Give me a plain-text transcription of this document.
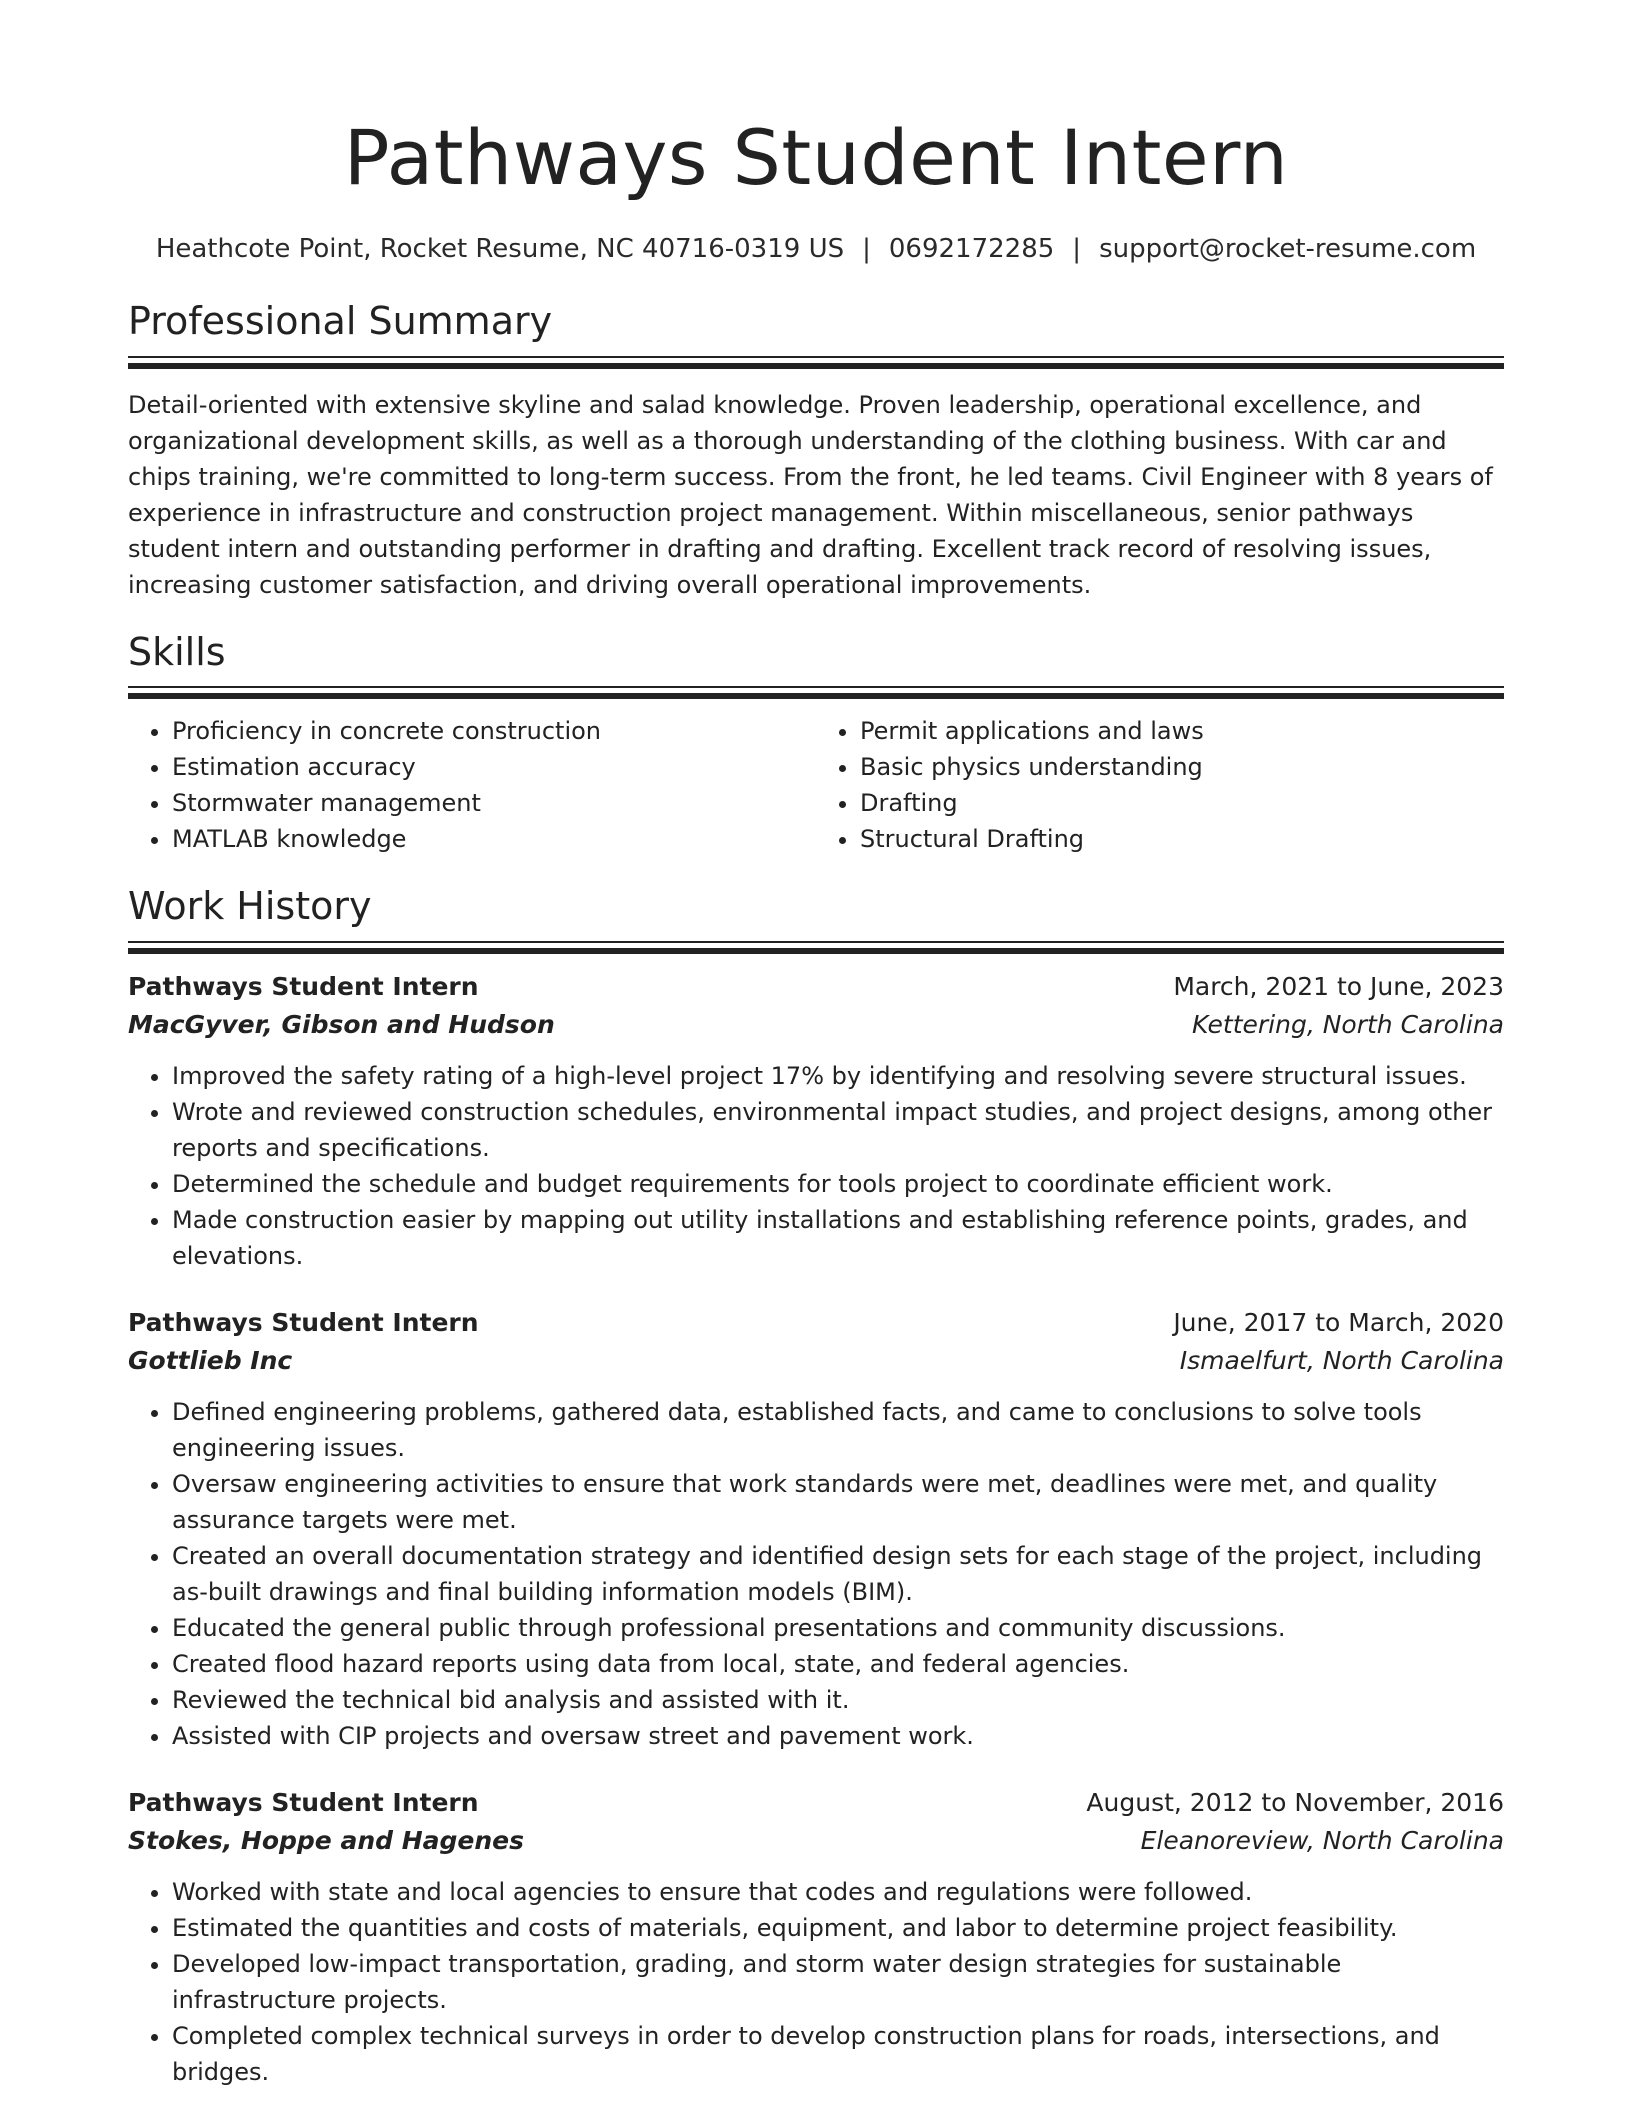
Pathways Student Intern
Heathcote Point, Rocket Resume, NC 40716-0319 US | 0692172285 | support@rocket-resume.com
Professional Summary

Detail-oriented with extensive skyline and salad knowledge. Proven leadership, operational excellence, and organizational development skills, as well as a thorough understanding of the clothing business. With car and chips training, we're committed to long-term success. From the front, he led teams. Civil Engineer with 8 years of experience in infrastructure and construction project management. Within miscellaneous, senior pathways student intern and outstanding performer in drafting and drafting. Excellent track record of resolving issues, increasing customer satisfaction, and driving overall operational improvements.

Skills
• Proficiency in concrete construction
• Estimation accuracy
• Stormwater management
• MATLAB knowledge
• Permit applications and laws
• Basic physics understanding
• Drafting
• Structural Drafting
Work History
Pathways Student Intern	March, 2021 to June, 2023
MacGyver, Gibson and Hudson	Kettering, North Carolina
• Improved the safety rating of a high-level project 17% by identifying and resolving severe structural issues.
• Wrote and reviewed construction schedules, environmental impact studies, and project designs, among other reports and specifications.
• Determined the schedule and budget requirements for tools project to coordinate efficient work.
• Made construction easier by mapping out utility installations and establishing reference points, grades, and elevations.
Pathways Student Intern	June, 2017 to March, 2020
Gottlieb Inc	Ismaelfurt, North Carolina
• Defined engineering problems, gathered data, established facts, and came to conclusions to solve tools engineering issues.
• Oversaw engineering activities to ensure that work standards were met, deadlines were met, and quality assurance targets were met.
• Created an overall documentation strategy and identified design sets for each stage of the project, including as-built drawings and final building information models (BIM).
• Educated the general public through professional presentations and community discussions.
• Created flood hazard reports using data from local, state, and federal agencies.
• Reviewed the technical bid analysis and assisted with it.
• Assisted with CIP projects and oversaw street and pavement work.
Pathways Student Intern	August, 2012 to November, 2016
Stokes, Hoppe and Hagenes	Eleanoreview, North Carolina
• Worked with state and local agencies to ensure that codes and regulations were followed.
• Estimated the quantities and costs of materials, equipment, and labor to determine project feasibility.
• Developed low-impact transportation, grading, and storm water design strategies for sustainable infrastructure projects.
• Completed complex technical surveys in order to develop construction plans for roads, intersections, and bridges.
